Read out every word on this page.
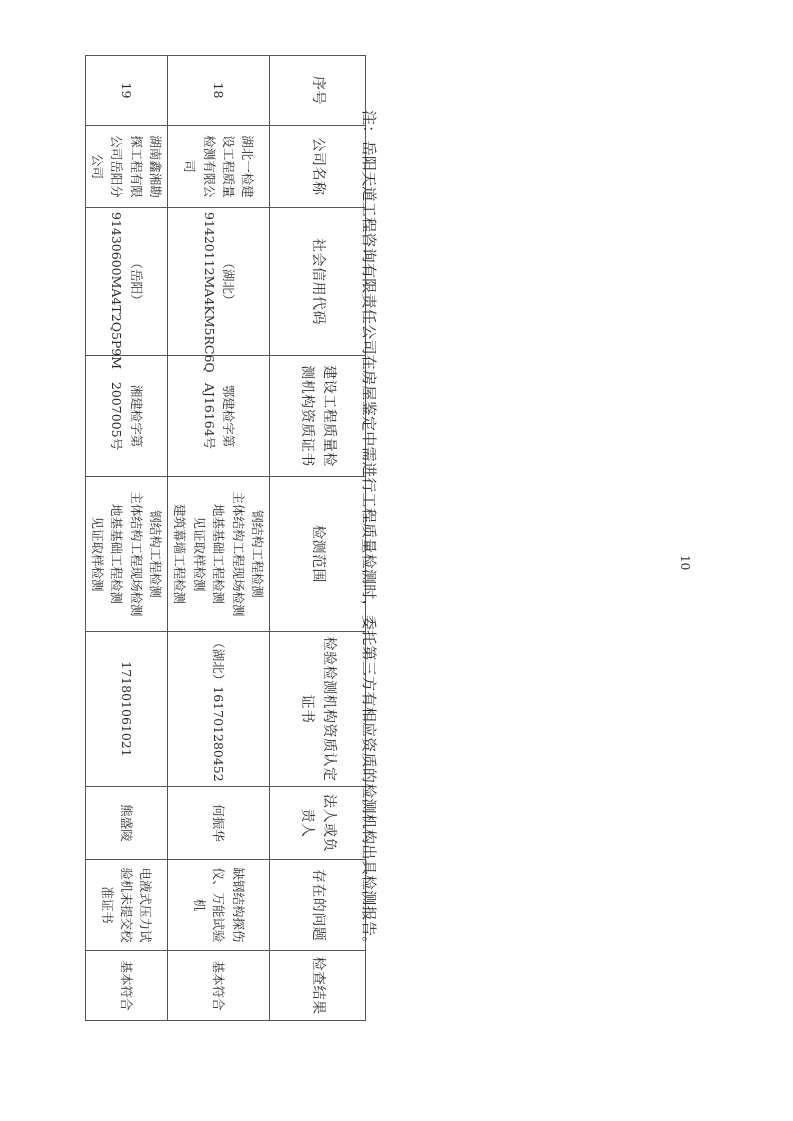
序号	公司名称	社会信用代码	建设工程质量检测机构资质证书	检测范围	检验检测机构资质认定证书	法人或负责人	存在的问题	检查结果
18	湖北一检建设工程质量检测有限公司	（湖北）91420112MA4KM5RC6Q	鄂建检字第AJ16164号	钢结构工程检测
主体结构工程现场检测
地基基础工程检测
见证取样检测
建筑幕墙工程检测	（湖北）161701280452	何振华	缺钢结构探伤仪、万能试验机	基本符合
19	湖南鑫湘勘探工程有限公司岳阳分公司	（岳阳）91430600MA4T2Q5P9M	湘建检字第2007005号	钢结构工程检测
主体结构工程现场检测
地基基础工程检测
见证取样检测	171801061021	熊盛陵	电液式压力试验机未提交校准证书	基本符合
注：岳阳天道工程咨询有限责任公司在房屋鉴定中需进行工程质量检测时，委托第三方有相应资质的检测机构出具检测报告。	10
